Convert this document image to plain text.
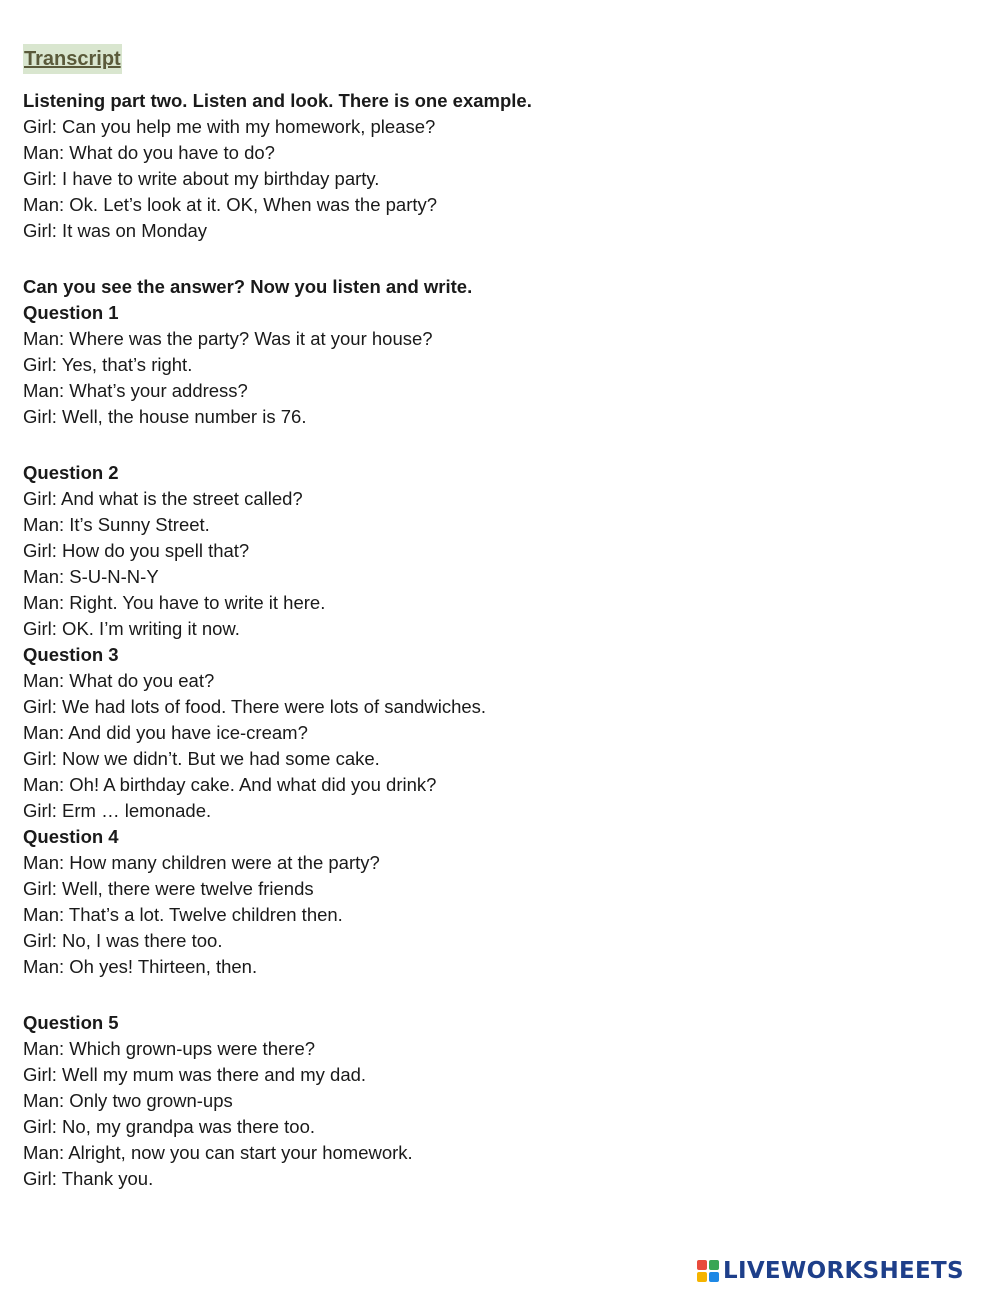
Transcript
Listening part two. Listen and look. There is one example.
Girl: Can you help me with my homework, please?
Man: What do you have to do?
Girl: I have to write about my birthday party.
Man: Ok. Let’s look at it. OK, When was the party?
Girl: It was on Monday
Can you see the answer? Now you listen and write.
Question 1
Man: Where was the party? Was it at your house?
Girl: Yes, that’s right.
Man: What’s your address?
Girl: Well, the house number is 76.
Question 2
Girl: And what is the street called?
Man: It’s Sunny Street.
Girl: How do you spell that?
Man: S-U-N-N-Y
Man: Right. You have to write it here.
Girl: OK. I’m writing it now.
Question 3
Man: What do you eat?
Girl: We had lots of food. There were lots of sandwiches.
Man: And did you have ice-cream?
Girl: Now we didn’t. But we had some cake.
Man: Oh! A birthday cake. And what did you drink?
Girl: Erm … lemonade.
Question 4
Man: How many children were at the party?
Girl: Well, there were twelve friends
Man: That’s a lot. Twelve children then.
Girl: No, I was there too.
Man: Oh yes! Thirteen, then.
Question 5
Man: Which grown-ups were there?
Girl: Well my mum was there and my dad.
Man: Only two grown-ups
Girl: No, my grandpa was there too.
Man: Alright, now you can start your homework.
Girl: Thank you.
LIVEWORKSHEETS
